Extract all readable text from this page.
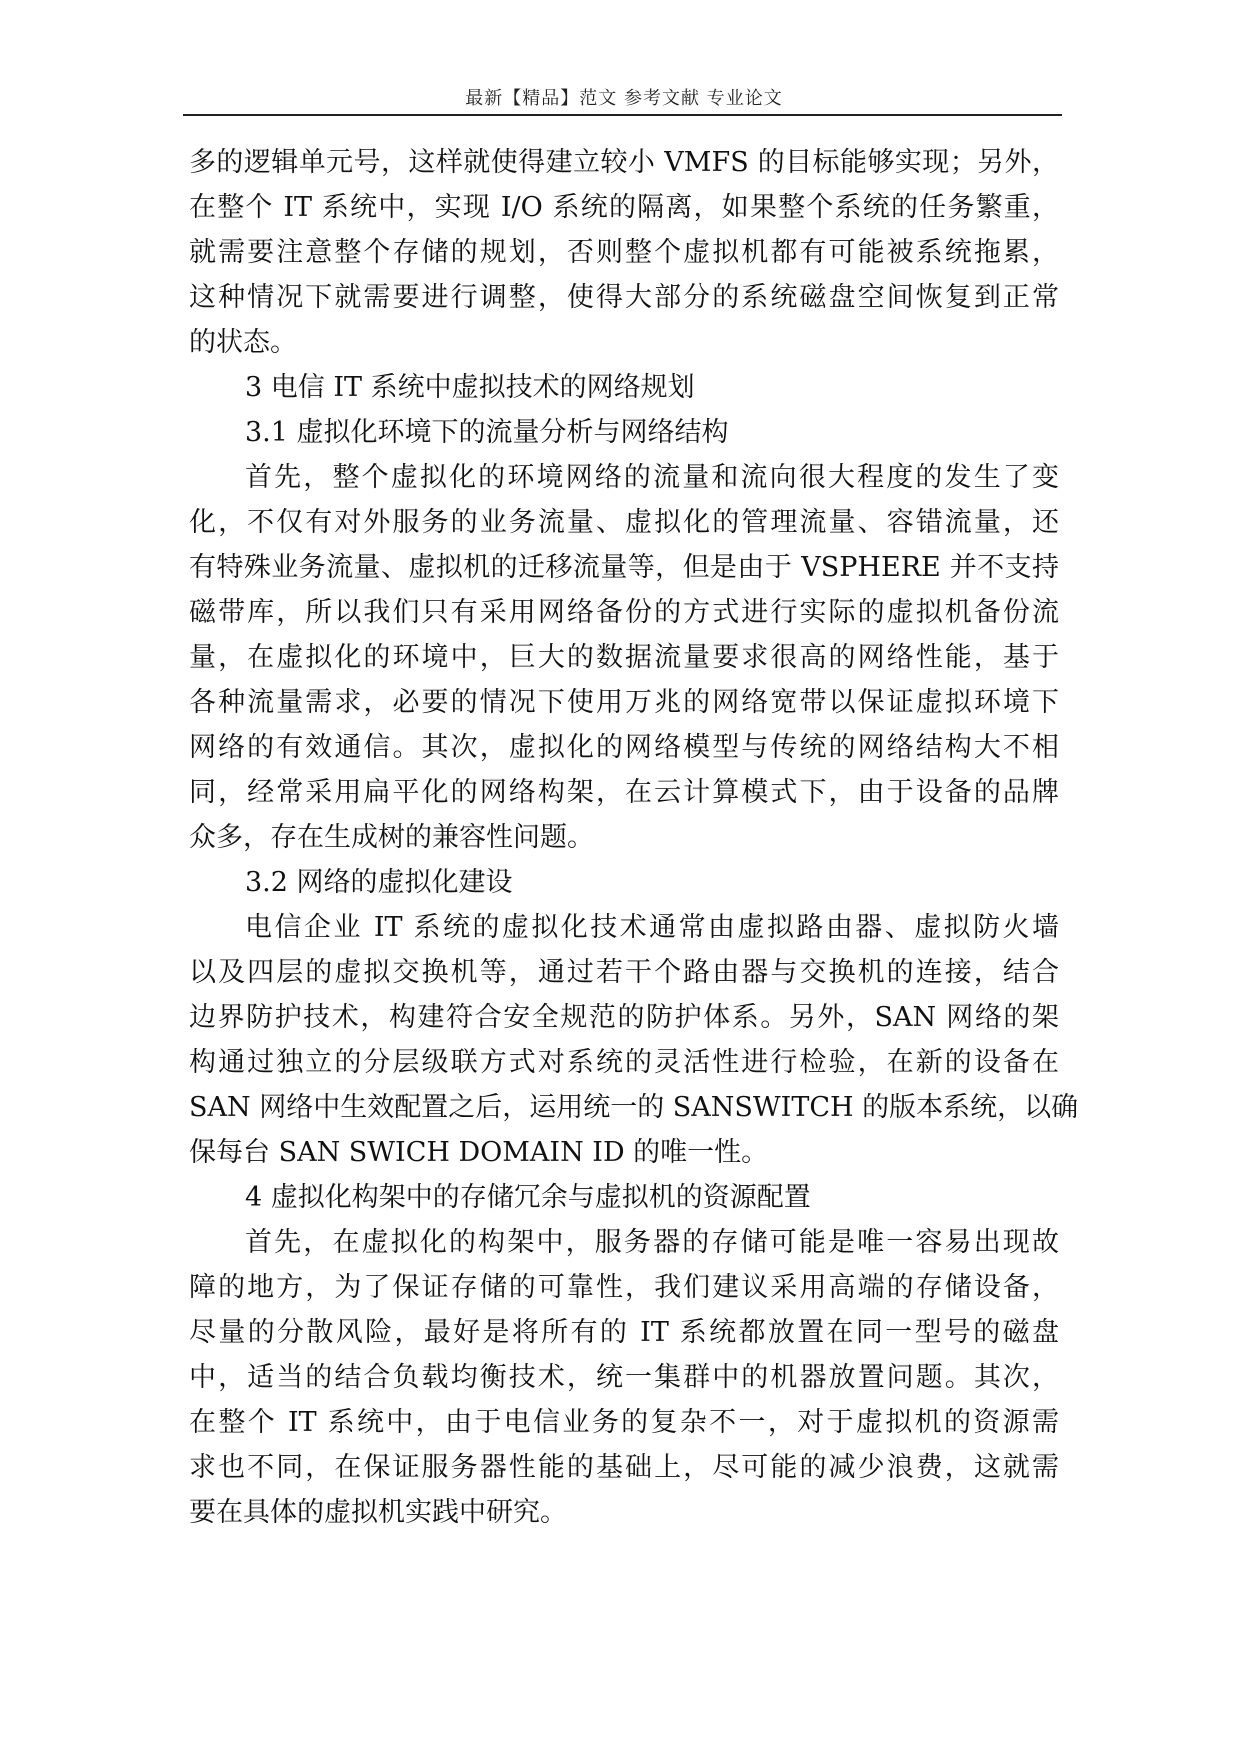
最新【精品】范文 参考文献 专业论文
多的逻辑单元号，这样就使得建立较小 VMFS 的目标能够实现；另外，
在整个 IT 系统中，实现 I/O 系统的隔离，如果整个系统的任务繁重，
就需要注意整个存储的规划，否则整个虚拟机都有可能被系统拖累，
这种情况下就需要进行调整，使得大部分的系统磁盘空间恢复到正常
的状态。
3 电信 IT 系统中虚拟技术的网络规划
3.1 虚拟化环境下的流量分析与网络结构
首先，整个虚拟化的环境网络的流量和流向很大程度的发生了变
化，不仅有对外服务的业务流量、虚拟化的管理流量、容错流量，还
有特殊业务流量、虚拟机的迁移流量等，但是由于 VSPHERE 并不支持
磁带库，所以我们只有采用网络备份的方式进行实际的虚拟机备份流
量，在虚拟化的环境中，巨大的数据流量要求很高的网络性能，基于
各种流量需求，必要的情况下使用万兆的网络宽带以保证虚拟环境下
网络的有效通信。其次，虚拟化的网络模型与传统的网络结构大不相
同，经常采用扁平化的网络构架，在云计算模式下，由于设备的品牌
众多，存在生成树的兼容性问题。
3.2 网络的虚拟化建设
电信企业 IT 系统的虚拟化技术通常由虚拟路由器、虚拟防火墙
以及四层的虚拟交换机等，通过若干个路由器与交换机的连接，结合
边界防护技术，构建符合安全规范的防护体系。另外，SAN 网络的架
构通过独立的分层级联方式对系统的灵活性进行检验，在新的设备在
SAN 网络中生效配置之后，运用统一的 SANSWITCH 的版本系统，以确
保每台 SAN SWICH DOMAIN ID 的唯一性。
4 虚拟化构架中的存储冗余与虚拟机的资源配置
首先，在虚拟化的构架中，服务器的存储可能是唯一容易出现故
障的地方，为了保证存储的可靠性，我们建议采用高端的存储设备，
尽量的分散风险，最好是将所有的 IT 系统都放置在同一型号的磁盘
中，适当的结合负载均衡技术，统一集群中的机器放置问题。其次，
在整个 IT 系统中，由于电信业务的复杂不一，对于虚拟机的资源需
求也不同，在保证服务器性能的基础上，尽可能的减少浪费，这就需
要在具体的虚拟机实践中研究。
